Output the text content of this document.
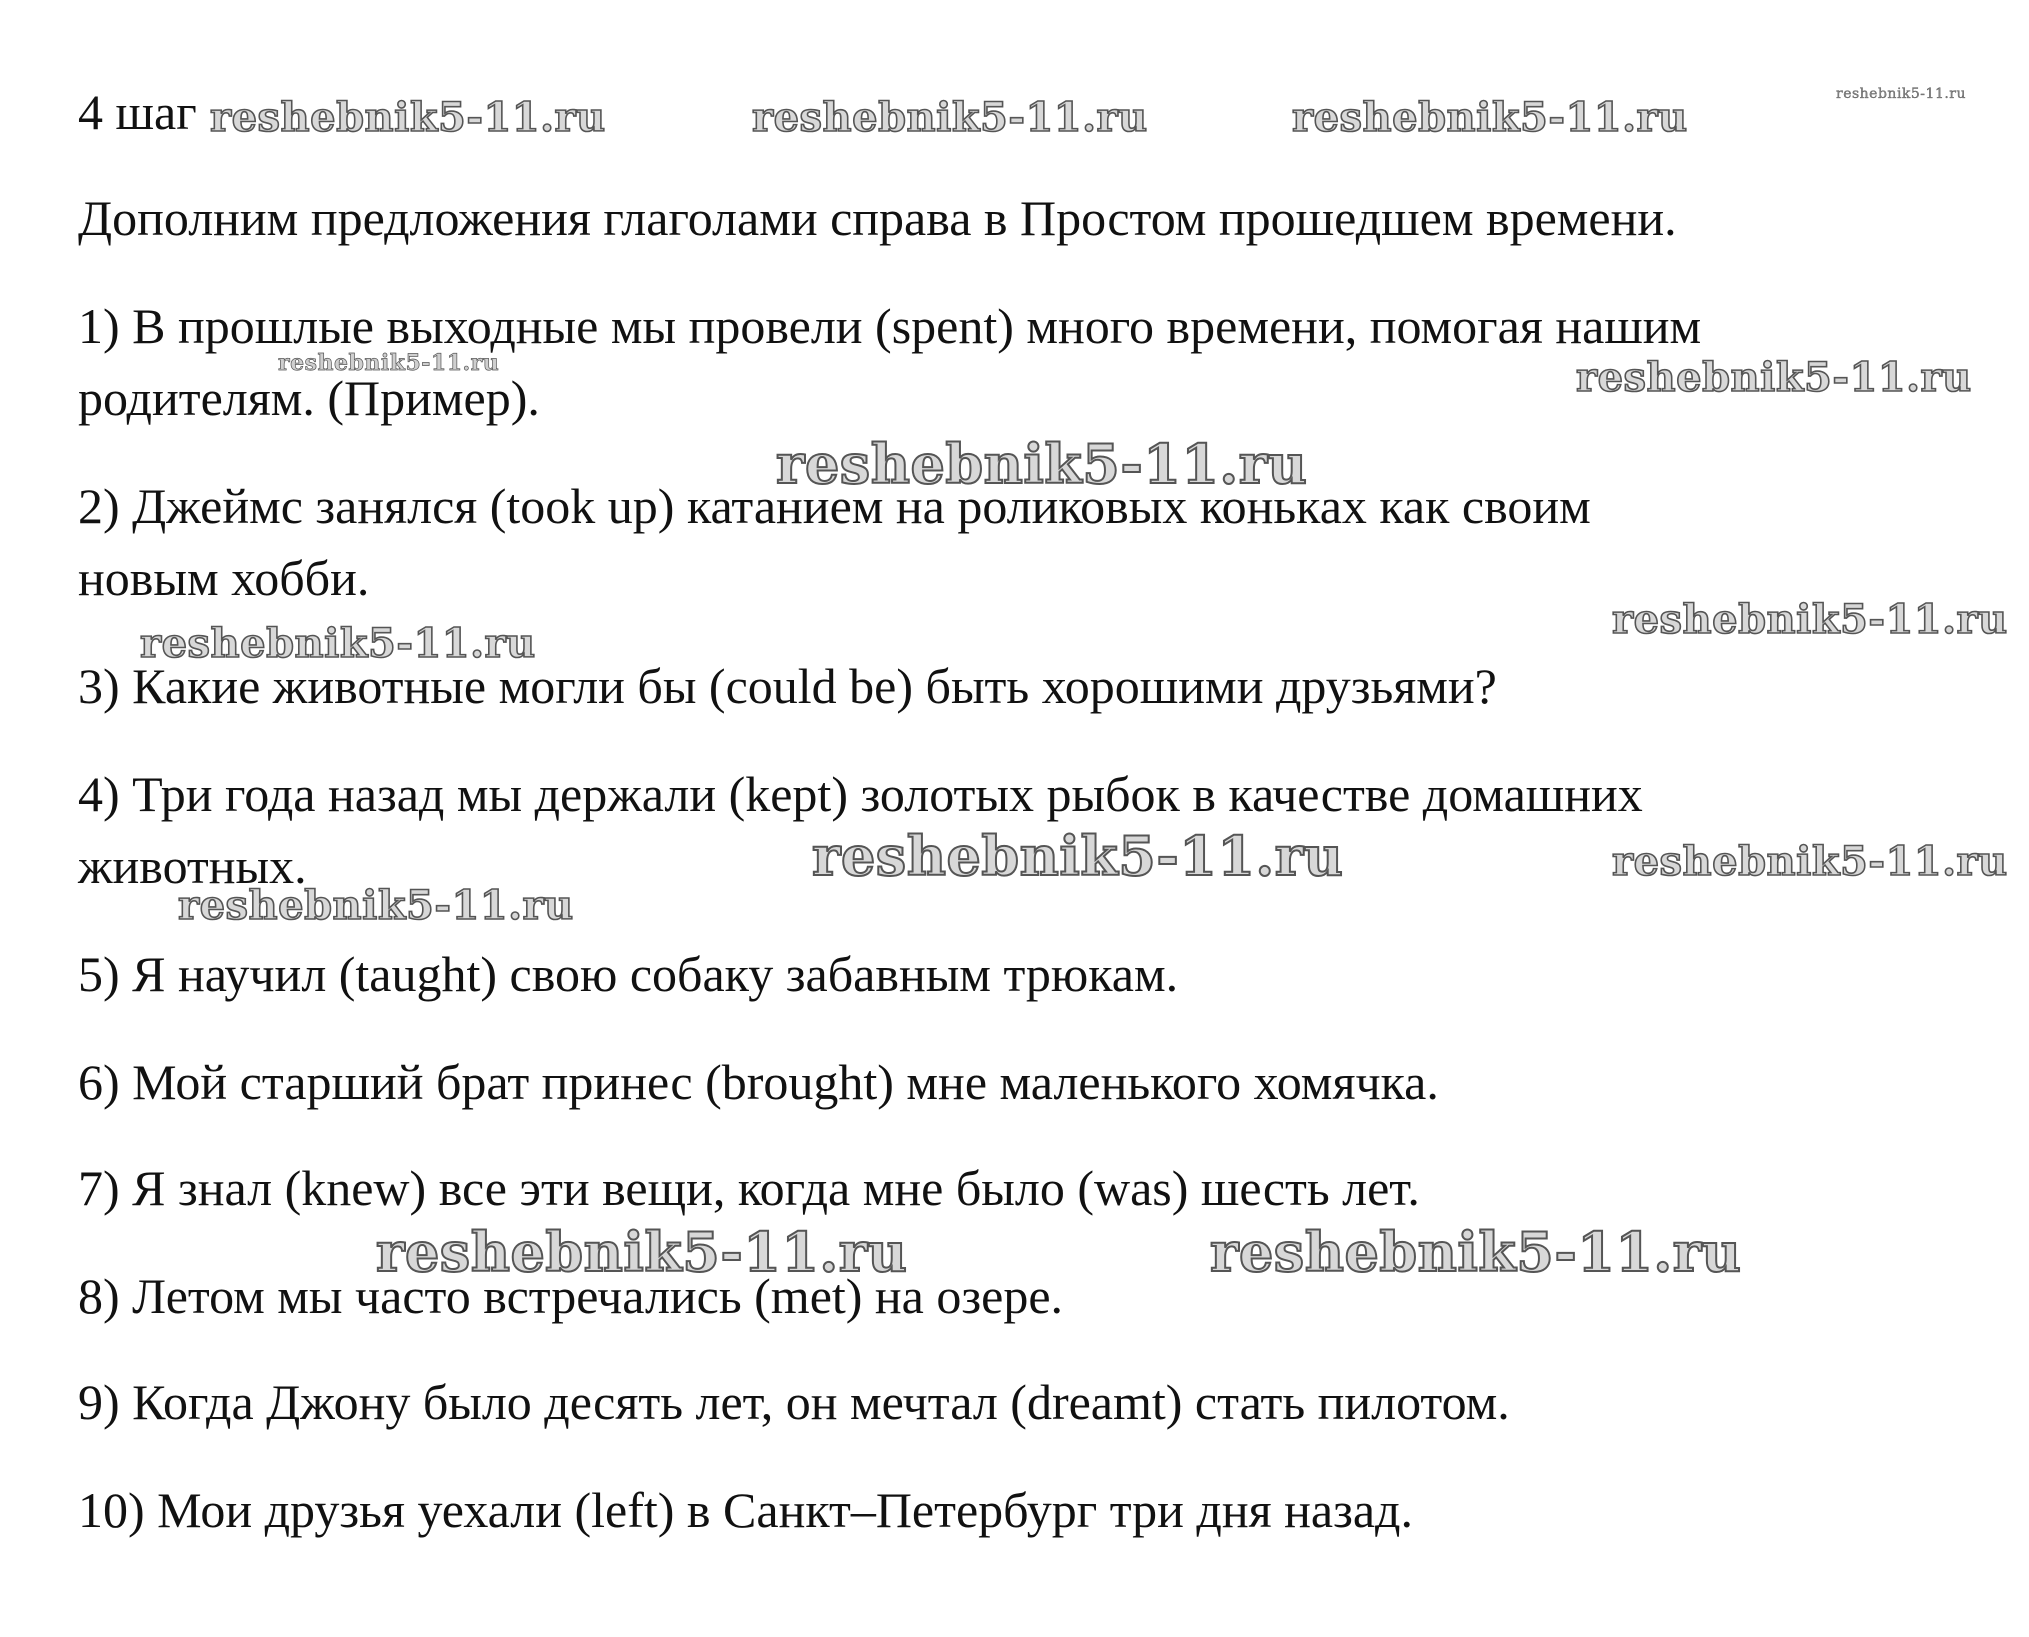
4 шаг
Дополним предложения глаголами справа в Простом прошедшем времени.
1) В прошлые выходные мы провели (spent) много времени, помогая нашим
родителям. (Пример).
2) Джеймс занялся (took up) катанием на роликовых коньках как своим
новым хобби.
3) Какие животные могли бы (could be) быть хорошими друзьями?
4) Три года назад мы держали (kept) золотых рыбок в качестве домашних
животных.
5) Я научил (taught) свою собаку забавным трюкам.
6) Мой старший брат принес (brought) мне маленького хомячка.
7) Я знал (knew) все эти вещи, когда мне было (was) шесть лет.
8) Летом мы часто встречались (met) на озере.
9) Когда Джону было десять лет, он мечтал (dreamt) стать пилотом.
10) Мои друзья уехали (left) в Санкт–Петербург три дня назад.
reshebnik5-11.ru	reshebnik5-11.ru	reshebnik5-11.ru	reshebnik5-11.ru
reshebnik5-11.ru	reshebnik5-11.ru
reshebnik5-11.ru
reshebnik5-11.ru
reshebnik5-11.ru
reshebnik5-11.ru	reshebnik5-11.ru
reshebnik5-11.ru
reshebnik5-11.ru	reshebnik5-11.ru
